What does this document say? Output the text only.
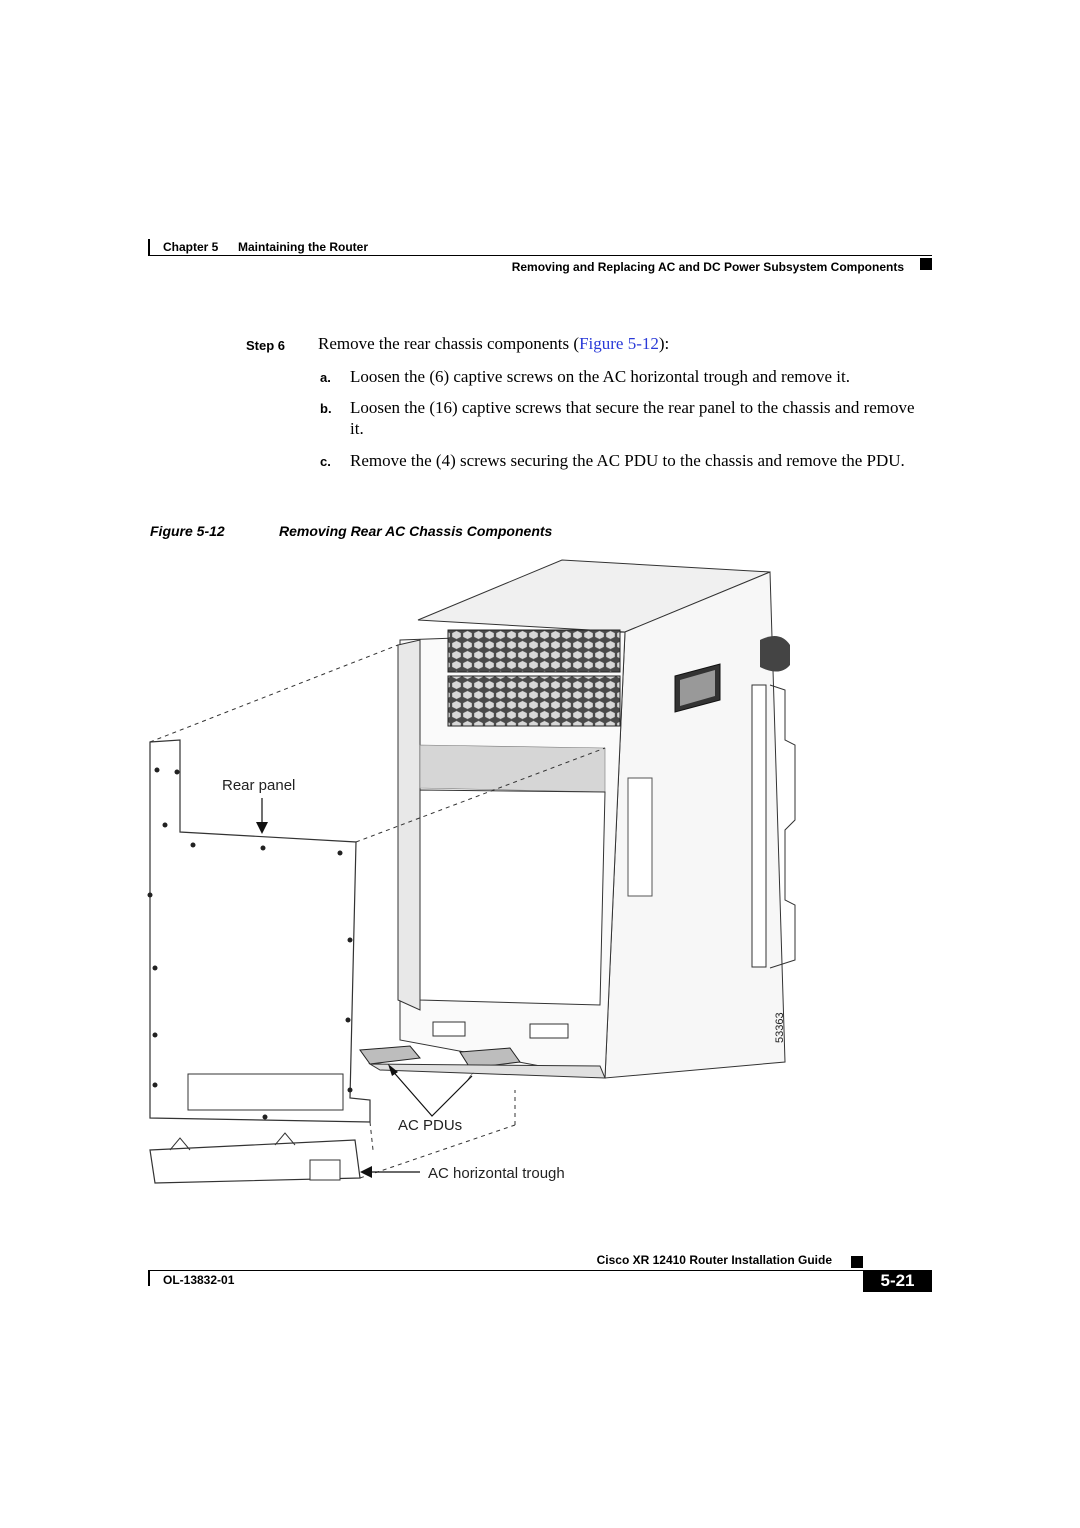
Chapter 5 Maintaining the Router
Removing and Replacing AC and DC Power Subsystem Components
Step 6 Remove the rear chassis components (Figure 5-12):
a. Loosen the (6) captive screws on the AC horizontal trough and remove it.
b. Loosen the (16) captive screws that secure the rear panel to the chassis and remove it.
c. Remove the (4) screws securing the AC PDU to the chassis and remove the PDU.
Figure 5-12	Removing Rear AC Chassis Components
Rear panel
AC PDUs
AC horizontal trough
53363
Cisco XR 12410 Router Installation Guide
OL-13832-01	5-21
